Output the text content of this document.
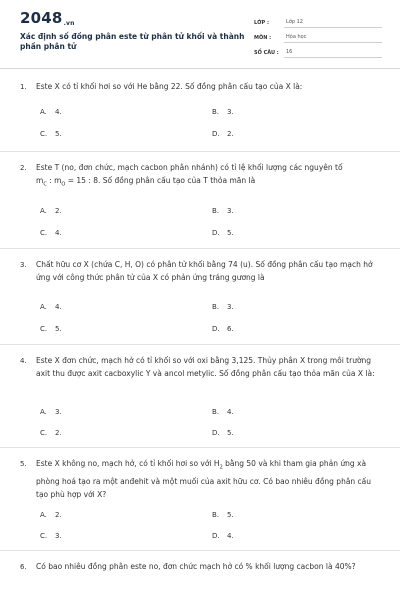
2048.vn
Xác định số đồng phân este từ phân tử khối và thành phần phân tử
LỚP :	Lớp 12
MÔN :	Hóa học
SỐ CÂU :	16
1. Este X có tỉ khối hơi so với He bằng 22. Số đồng phân cấu tạo của X là:
A. 4.	B. 3.
C. 5.	D. 2.
2. Este T (no, đơn chức, mạch cacbon phân nhánh) có tỉ lệ khối lượng các nguyên tố
$m_C$ : $m_O = 15$ : 8. Số đồng phân cấu tạo của T thỏa mãn là
A. 2.	B. 3.
C. 4.	D. 5.
3. Chất hữu cơ X (chứa C, H, O) có phân tử khối bằng 74 (u). Số đồng phân cấu tạo mạch hở ứng với công thức phân tử của X có phản ứng tráng gương là
A. 4.	B. 3.
C. 5.	D. 6.
4. Este X đơn chức, mạch hở có tỉ khối so với oxi bằng 3,125. Thủy phân X trong môi trường axit thu được axit cacboxylic Y và ancol metylic. Số đồng phân cấu tạo thỏa mãn của X là:
A. 3.	B. 4.
C. 2.	D. 5.
5. Este X không no, mạch hở, có tỉ khối hơi so với $H_2$ bằng 50 và khi tham gia phản ứng xà phòng hoá tạo ra một anđehit và một muối của axit hữu cơ. Có bao nhiêu đồng phân cấu tạo phù hợp với X?
A. 2.	B. 5.
C. 3.	D. 4.
6. Có bao nhiêu đồng phân este no, đơn chức mạch hở có % khối lượng cacbon là 40%?
